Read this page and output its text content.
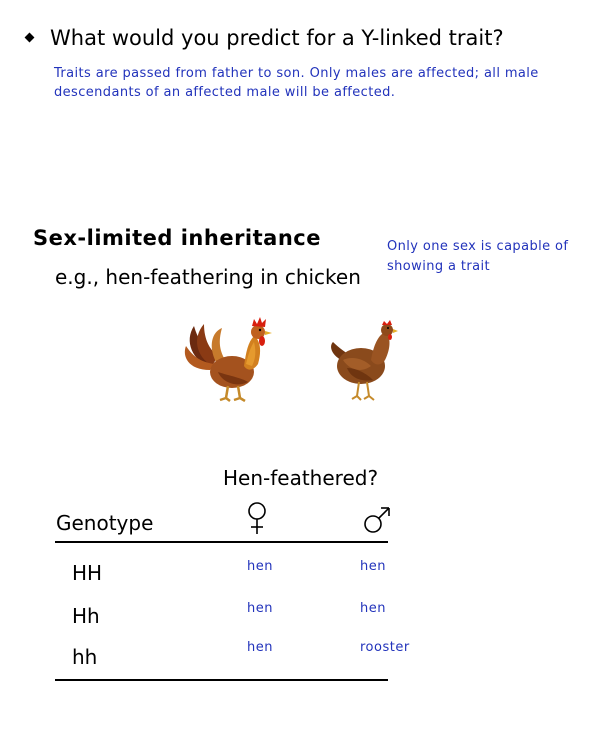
What would you predict for a Y-linked trait?
Traits are passed from father to son. Only males are affected; all male
descendants of an affected male will be affected.
Sex-limited inheritance
e.g., hen-feathering in chicken
Only one sex is capable of
showing a trait
Hen-feathered?
Genotype
HH	hen	hen
Hh	hen	hen
hh	hen	rooster
